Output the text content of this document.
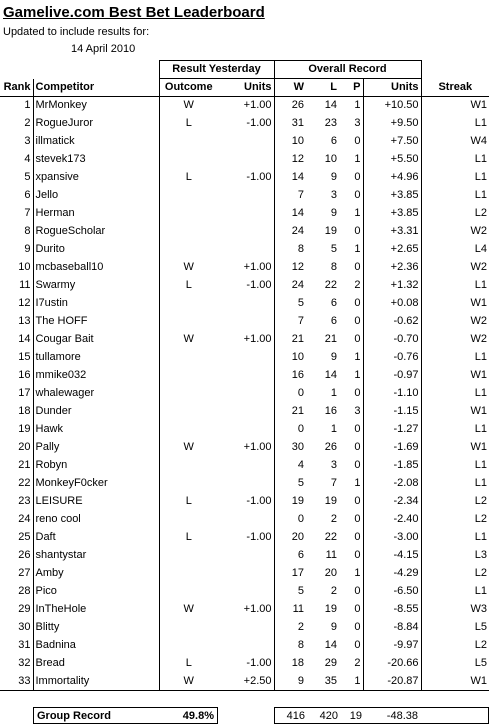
Gamelive.com Best Bet Leaderboard
Updated to include results for:
14 April 2010
		Result Yesterday		Overall Record				
Rank	Competitor	Outcome	Units	W	L	P	Units	Streak
1	MrMonkey	W	+1.00	26	14	1	+10.50	W1
2	RogueJuror	L	-1.00	31	23	3	+9.50	L1
3	illmatick			10	6	0	+7.50	W4
4	stevek173			12	10	1	+5.50	L1
5	xpansive	L	-1.00	14	9	0	+4.96	L1
6	Jello			7	3	0	+3.85	L1
7	Herman			14	9	1	+3.85	L2
8	RogueScholar			24	19	0	+3.31	W2
9	Durito			8	5	1	+2.65	L4
10	mcbaseball10	W	+1.00	12	8	0	+2.36	W2
11	Swarmy	L	-1.00	24	22	2	+1.32	L1
12	I7ustin			5	6	0	+0.08	W1
13	The HOFF			7	6	0	-0.62	W2
14	Cougar Bait	W	+1.00	21	21	0	-0.70	W2
15	tullamore			10	9	1	-0.76	L1
16	mmike032			16	14	1	-0.97	W1
17	whalewager			0	1	0	-1.10	L1
18	Dunder			21	16	3	-1.15	W1
19	Hawk			0	1	0	-1.27	L1
20	Pally	W	+1.00	30	26	0	-1.69	W1
21	Robyn			4	3	0	-1.85	L1
22	MonkeyF0cker			5	7	1	-2.08	L1
23	LEISURE	L	-1.00	19	19	0	-2.34	L2
24	reno cool			0	2	0	-2.40	L2
25	Daft	L	-1.00	20	22	0	-3.00	L1
26	shantystar			6	11	0	-4.15	L3
27	Amby			17	20	1	-4.29	L2
28	Pico			5	2	0	-6.50	L1
29	InTheHole	W	+1.00	11	19	0	-8.55	W3
30	Blitty			2	9	0	-8.84	L5
31	Badnina			8	14	0	-9.97	L2
32	Bread	L	-1.00	18	29	2	-20.66	L5
33	Immortality	W	+2.50	9	35	1	-20.87	W1
Group Record	49.8%	416 420 19 -48.38
